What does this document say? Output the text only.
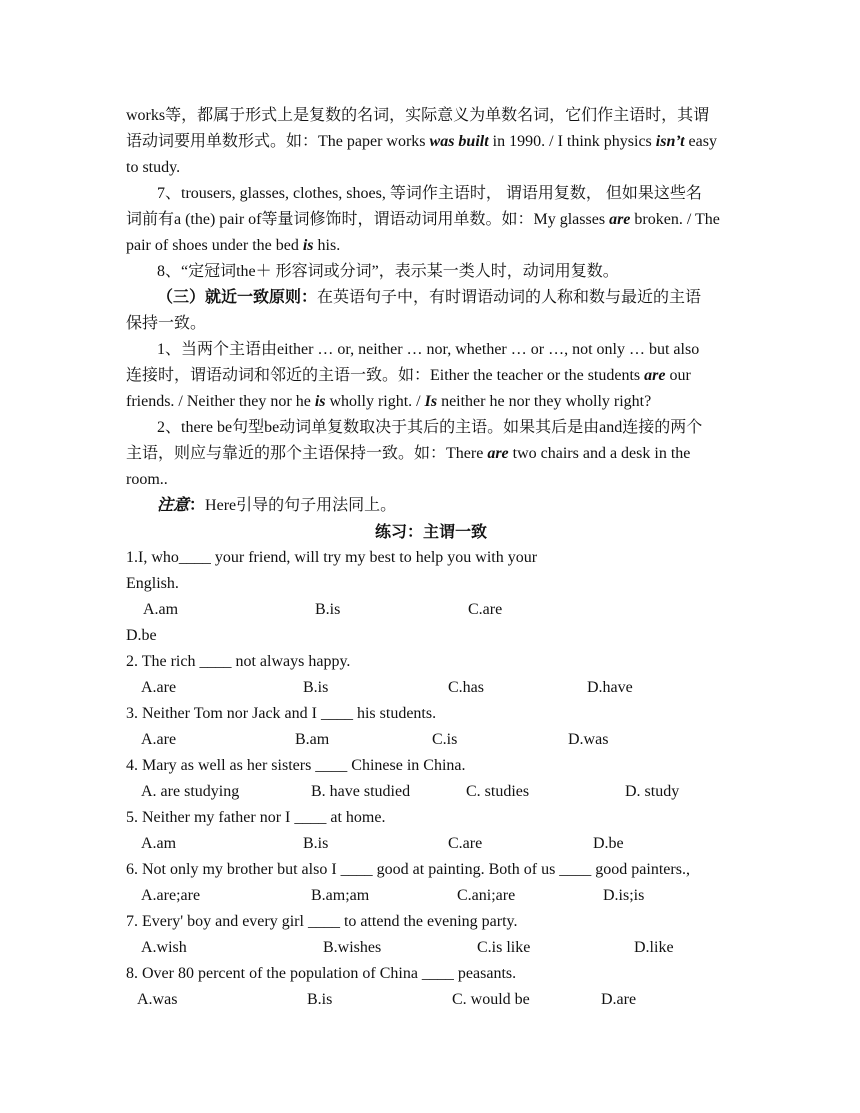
works等，都属于形式上是复数的名词，实际意义为单数名词，它们作主语时，其谓
语动词要用单数形式。如：The paper works was built in 1990. / I think physics isn’t easy
to study.
7、trousers, glasses, clothes, shoes, 等词作主语时， 谓语用复数， 但如果这些名
词前有a (the) pair of等量词修饰时，谓语动词用单数。如：My glasses are broken. / The
pair of shoes under the bed is his.
8、“定冠词the＋ 形容词或分词”，表示某一类人时，动词用复数。
（三）就近一致原则：在英语句子中，有时谓语动词的人称和数与最近的主语
保持一致。
1、当两个主语由either … or, neither … nor, whether … or …, not only … but also
连接时，谓语动词和邻近的主语一致。如：Either the teacher or the students are our
friends. / Neither they nor he is wholly right. / Is neither he nor they wholly right?
2、there be句型be动词单复数取决于其后的主语。如果其后是由and连接的两个
主语，则应与靠近的那个主语保持一致。如：There are two chairs and a desk in the
room..
注意：Here引导的句子用法同上。
练习：主谓一致
1.I, who____ your friend, will try my best to help you with your
English.
A.am	B.is	C.are
D.be
2. The rich ____ not always happy.
A.are	B.is	C.has	D.have
3. Neither Tom nor Jack and I ____ his students.
A.are	B.am	C.is	D.was
4. Mary as well as her sisters ____ Chinese in China.
A. are studying	B. have studied	C. studies	D. study
5. Neither my father nor I ____ at home.
A.am	B.is	C.are	D.be
6. Not only my brother but also I ____ good at painting. Both of us ____ good painters.,
A.are;are	B.am;am	C.ani;are	D.is;is
7. Every' boy and every girl ____ to attend the evening party.
A.wish	B.wishes	C.is like	D.like
8. Over 80 percent of the population of China ____ peasants.
A.was	B.is	C. would be	D.are
